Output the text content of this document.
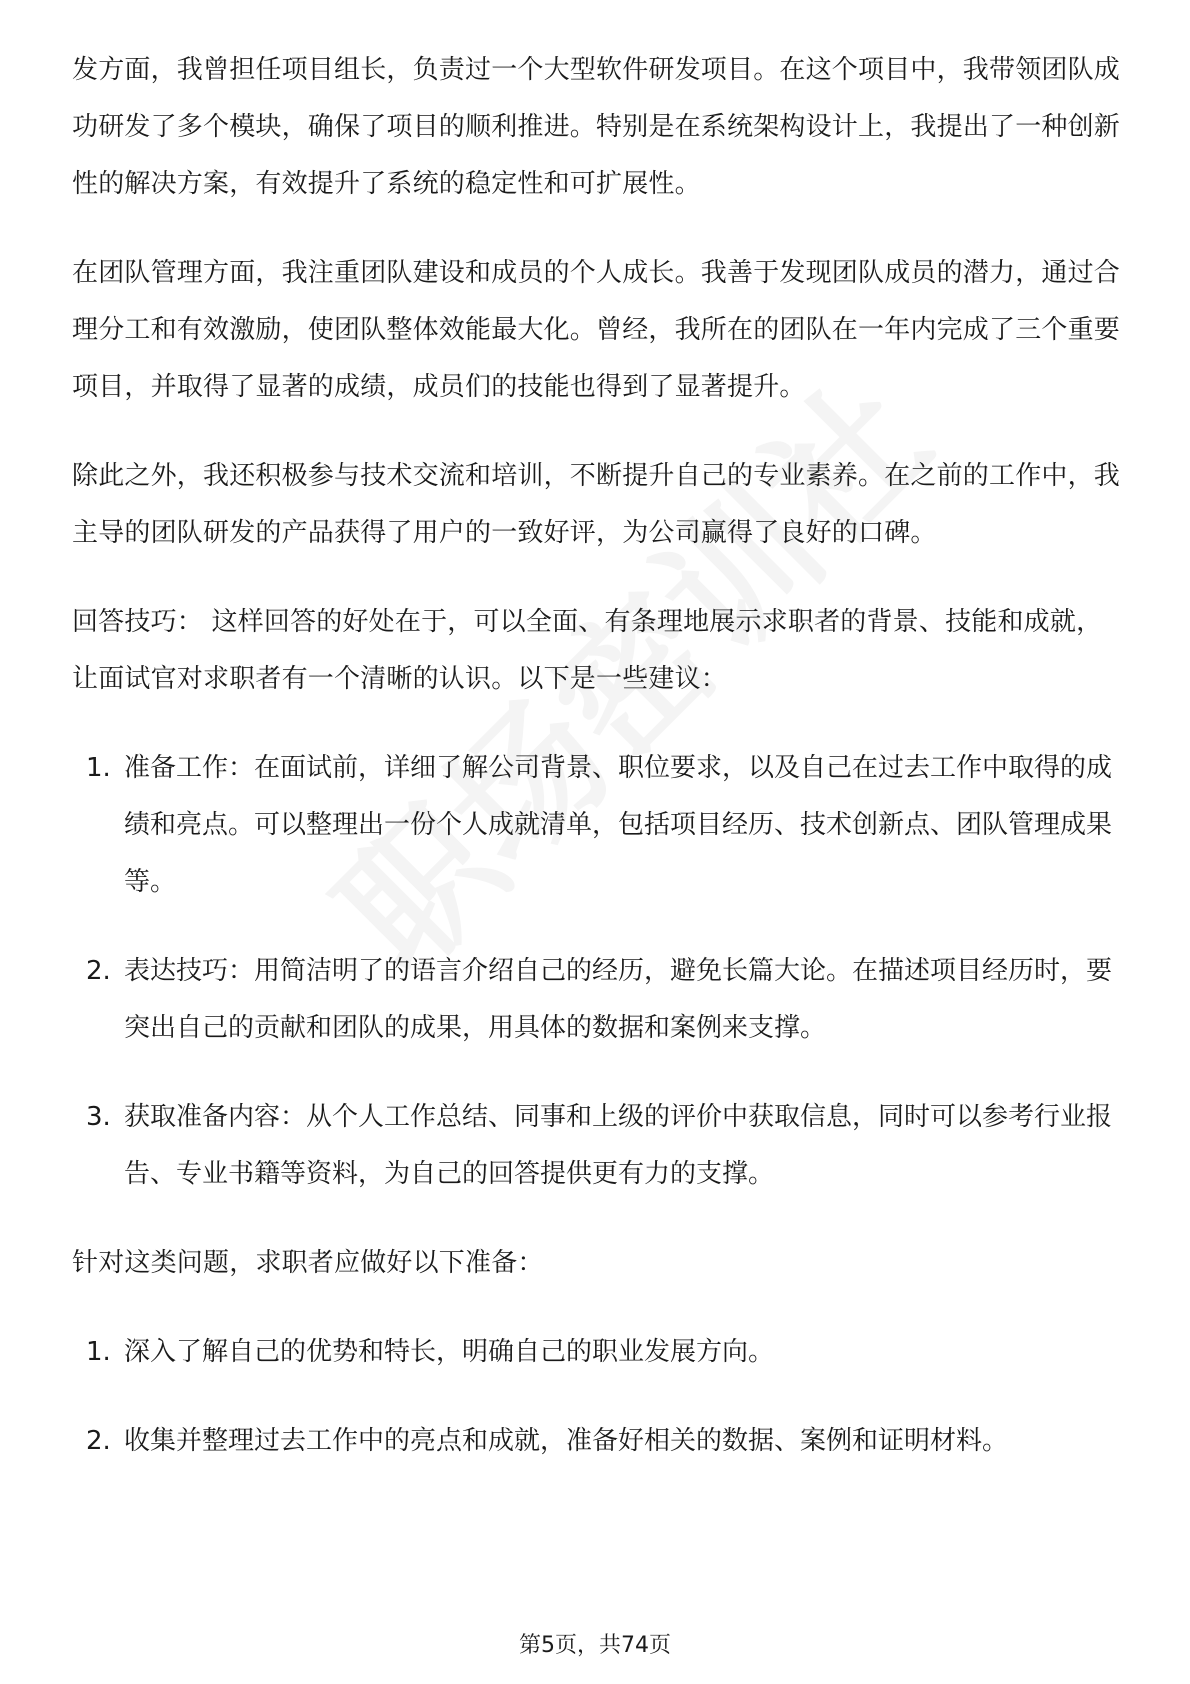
发方面，我曾担任项目组长，负责过一个大型软件研发项目。在这个项目中，我带领团队成功研发了多个模块，确保了项目的顺利推进。特别是在系统架构设计上，我提出了一种创新性的解决方案，有效提升了系统的稳定性和可扩展性。

在团队管理方面，我注重团队建设和成员的个人成长。我善于发现团队成员的潜力，通过合理分工和有效激励，使团队整体效能最大化。曾经，我所在的团队在一年内完成了三个重要项目，并取得了显著的成绩，成员们的技能也得到了显著提升。

除此之外，我还积极参与技术交流和培训，不断提升自己的专业素养。在之前的工作中，我主导的团队研发的产品获得了用户的一致好评，为公司赢得了良好的口碑。

回答技巧： 这样回答的好处在于，可以全面、有条理地展示求职者的背景、技能和成就，让面试官对求职者有一个清晰的认识。以下是一些建议：

1. 准备工作：在面试前，详细了解公司背景、职位要求，以及自己在过去工作中取得的成绩和亮点。可以整理出一份个人成就清单，包括项目经历、技术创新点、团队管理成果等。
2. 表达技巧：用简洁明了的语言介绍自己的经历，避免长篇大论。在描述项目经历时，要突出自己的贡献和团队的成果，用具体的数据和案例来支撑。
3. 获取准备内容：从个人工作总结、同事和上级的评价中获取信息，同时可以参考行业报告、专业书籍等资料，为自己的回答提供更有力的支撑。

针对这类问题，求职者应做好以下准备：

1. 深入了解自己的优势和特长，明确自己的职业发展方向。
2. 收集并整理过去工作中的亮点和成就，准备好相关的数据、案例和证明材料。
第5页，共74页
